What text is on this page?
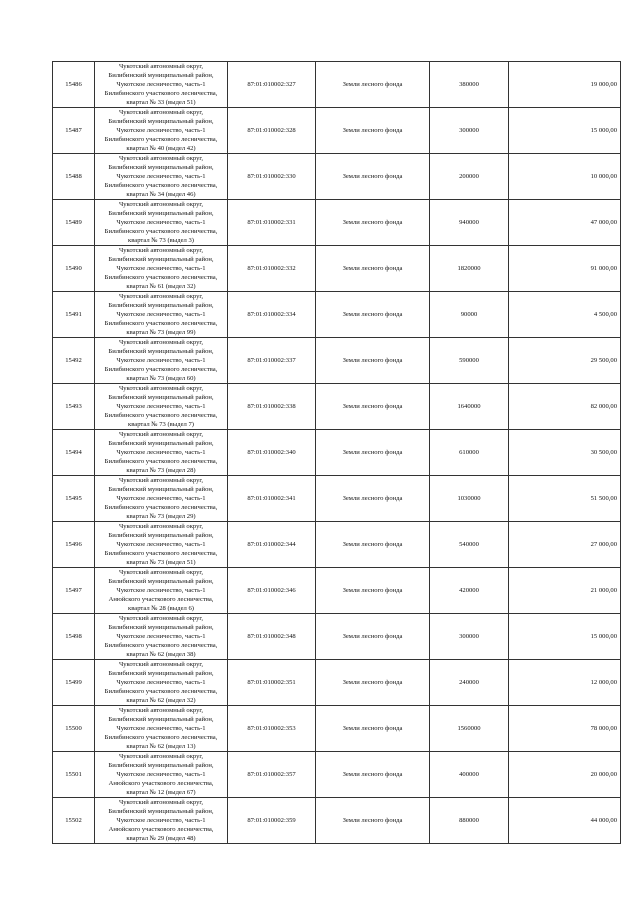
15486	Чукотский автономный округ,
Билибинский муниципальный район,
Чукотское лесничество, часть-1
Билибинского участкового лесничества,
квартал № 33 (выдел 51)	87:01:010002:327	Земли лесного фонда	380000	19 000,00
15487	Чукотский автономный округ,
Билибинский муниципальный район,
Чукотское лесничество, часть-1
Билибинского участкового лесничества,
квартал № 40 (выдел 42)	87:01:010002:328	Земли лесного фонда	300000	15 000,00
15488	Чукотский автономный округ,
Билибинский муниципальный район,
Чукотское лесничество, часть-1
Билибинского участкового лесничества,
квартал № 34 (выдел 46)	87:01:010002:330	Земли лесного фонда	200000	10 000,00
15489	Чукотский автономный округ,
Билибинский муниципальный район,
Чукотское лесничество, часть-1
Билибинского участкового лесничества,
квартал № 73 (выдел 3)	87:01:010002:331	Земли лесного фонда	940000	47 000,00
15490	Чукотский автономный округ,
Билибинский муниципальный район,
Чукотское лесничество, часть-1
Билибинского участкового лесничества,
квартал № 61 (выдел 32)	87:01:010002:332	Земли лесного фонда	1820000	91 000,00
15491	Чукотский автономный округ,
Билибинский муниципальный район,
Чукотское лесничество, часть-1
Билибинского участкового лесничества,
квартал № 73 (выдел 99)	87:01:010002:334	Земли лесного фонда	90000	4 500,00
15492	Чукотский автономный округ,
Билибинский муниципальный район,
Чукотское лесничество, часть-1
Билибинского участкового лесничества,
квартал № 73 (выдел 60)	87:01:010002:337	Земли лесного фонда	590000	29 500,00
15493	Чукотский автономный округ,
Билибинский муниципальный район,
Чукотское лесничество, часть-1
Билибинского участкового лесничества,
квартал № 73 (выдел 7)	87:01:010002:338	Земли лесного фонда	1640000	82 000,00
15494	Чукотский автономный округ,
Билибинский муниципальный район,
Чукотское лесничество, часть-1
Билибинского участкового лесничества,
квартал № 73 (выдел 28)	87:01:010002:340	Земли лесного фонда	610000	30 500,00
15495	Чукотский автономный округ,
Билибинский муниципальный район,
Чукотское лесничество, часть-1
Билибинского участкового лесничества,
квартал № 73 (выдел 29)	87:01:010002:341	Земли лесного фонда	1030000	51 500,00
15496	Чукотский автономный округ,
Билибинский муниципальный район,
Чукотское лесничество, часть-1
Билибинского участкового лесничества,
квартал № 73 (выдел 51)	87:01:010002:344	Земли лесного фонда	540000	27 000,00
15497	Чукотский автономный округ,
Билибинский муниципальный район,
Чукотское лесничество, часть-1
Анюйского участкового лесничества,
квартал № 28 (выдел 6)	87:01:010002:346	Земли лесного фонда	420000	21 000,00
15498	Чукотский автономный округ,
Билибинский муниципальный район,
Чукотское лесничество, часть-1
Билибинского участкового лесничества,
квартал № 62 (выдел 38)	87:01:010002:348	Земли лесного фонда	300000	15 000,00
15499	Чукотский автономный округ,
Билибинский муниципальный район,
Чукотское лесничество, часть-1
Билибинского участкового лесничества,
квартал № 62 (выдел 32)	87:01:010002:351	Земли лесного фонда	240000	12 000,00
15500	Чукотский автономный округ,
Билибинский муниципальный район,
Чукотское лесничество, часть-1
Билибинского участкового лесничества,
квартал № 62 (выдел 13)	87:01:010002:353	Земли лесного фонда	1560000	78 000,00
15501	Чукотский автономный округ,
Билибинский муниципальный район,
Чукотское лесничество, часть-1
Анюйского участкового лесничества,
квартал № 12 (выдел 67)	87:01:010002:357	Земли лесного фонда	400000	20 000,00
15502	Чукотский автономный округ,
Билибинский муниципальный район,
Чукотское лесничество, часть-1
Анюйского участкового лесничества,
квартал № 29 (выдел 48)	87:01:010002:359	Земли лесного фонда	880000	44 000,00
